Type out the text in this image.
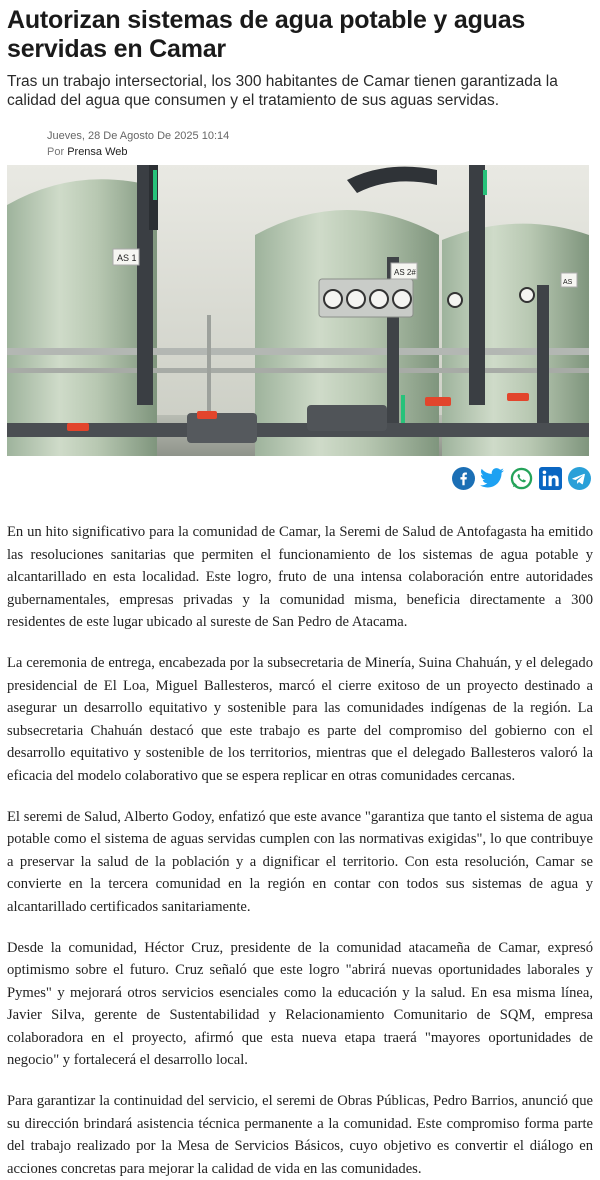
Autorizan sistemas de agua potable y aguas servidas en Camar
Tras un trabajo intersectorial, los 300 habitantes de Camar tienen garantizada la calidad del agua que consumen y el tratamiento de sus aguas servidas.
Jueves, 28 De Agosto De 2025 10:14
Por Prensa Web
AS 1
AS 2#
AS

En un hito significativo para la comunidad de Camar, la Seremi de Salud de Antofagasta ha emitido las resoluciones sanitarias que permiten el funcionamiento de los sistemas de agua potable y alcantarillado en esta localidad. Este logro, fruto de una intensa colaboración entre autoridades gubernamentales, empresas privadas y la comunidad misma, beneficia directamente a 300 residentes de este lugar ubicado al sureste de San Pedro de Atacama.

La ceremonia de entrega, encabezada por la subsecretaria de Minería, Suina Chahuán, y el delegado presidencial de El Loa, Miguel Ballesteros, marcó el cierre exitoso de un proyecto destinado a asegurar un desarrollo equitativo y sostenible para las comunidades indígenas de la región. La subsecretaria Chahuán destacó que este trabajo es parte del compromiso del gobierno con el desarrollo equitativo y sostenible de los territorios, mientras que el delegado Ballesteros valoró la eficacia del modelo colaborativo que se espera replicar en otras comunidades cercanas.

El seremi de Salud, Alberto Godoy, enfatizó que este avance "garantiza que tanto el sistema de agua potable como el sistema de aguas servidas cumplen con las normativas exigidas", lo que contribuye a preservar la salud de la población y a dignificar el territorio. Con esta resolución, Camar se convierte en la tercera comunidad en la región en contar con todos sus sistemas de agua y alcantarillado certificados sanitariamente.

Desde la comunidad, Héctor Cruz, presidente de la comunidad atacameña de Camar, expresó optimismo sobre el futuro. Cruz señaló que este logro "abrirá nuevas oportunidades laborales y Pymes" y mejorará otros servicios esenciales como la educación y la salud. En esa misma línea, Javier Silva, gerente de Sustentabilidad y Relacionamiento Comunitario de SQM, empresa colaboradora en el proyecto, afirmó que esta nueva etapa traerá "mayores oportunidades de negocio" y fortalecerá el desarrollo local.

Para garantizar la continuidad del servicio, el seremi de Obras Públicas, Pedro Barrios, anunció que su dirección brindará asistencia técnica permanente a la comunidad. Este compromiso forma parte del trabajo realizado por la Mesa de Servicios Básicos, cuyo objetivo es convertir el diálogo en acciones concretas para mejorar la calidad de vida en las comunidades.
